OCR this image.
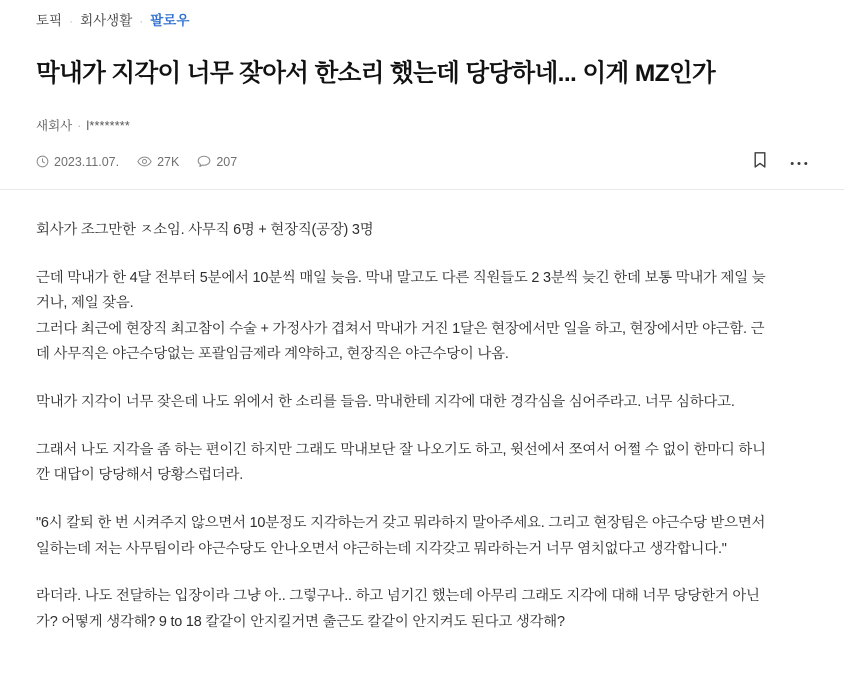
토픽 · 회사생활 · 팔로우
막내가 지각이 너무 잦아서 한소리 했는데 당당하네... 이게 MZ인가
새회사 · l********
2023.11.07.	27K	207

회사가 조그만한 ㅈ소임. 사무직 6명 + 현장직(공장) 3명

근데 막내가 한 4달 전부터 5분에서 10분씩 매일 늦음. 막내 말고도 다른 직원들도 2 3분씩 늦긴 한데 보통 막내가 제일 늦거나, 제일 잦음.

그러다 최근에 현장직 최고참이 수술 + 가정사가 겹쳐서 막내가 거진 1달은 현장에서만 일을 하고, 현장에서만 야근함. 근데 사무직은 야근수당없는 포괄임금제라 계약하고, 현장직은 야근수당이 나옴.

막내가 지각이 너무 잦은데 나도 위에서 한 소리를 들음. 막내한테 지각에 대한 경각심을 심어주라고. 너무 심하다고.

그래서 나도 지각을 좀 하는 편이긴 하지만 그래도 막내보단 잘 나오기도 하고, 윗선에서 쪼여서 어쩔 수 없이 한마디 하니깐 대답이 당당해서 당황스럽더라.

"6시 칼퇴 한 번 시켜주지 않으면서 10분정도 지각하는거 갖고 뭐라하지 말아주세요. 그리고 현장팀은 야근수당 받으면서 일하는데 저는 사무팀이라 야근수당도 안나오면서 야근하는데 지각갖고 뭐라하는거 너무 염치없다고 생각합니다."

라더라. 나도 전달하는 입장이라 그냥 아.. 그렇구나.. 하고 넘기긴 했는데 아무리 그래도 지각에 대해 너무 당당한거 아닌가? 어떻게 생각해? 9 to 18 칼같이 안지킬거면 출근도 칼같이 안지켜도 된다고 생각해?
